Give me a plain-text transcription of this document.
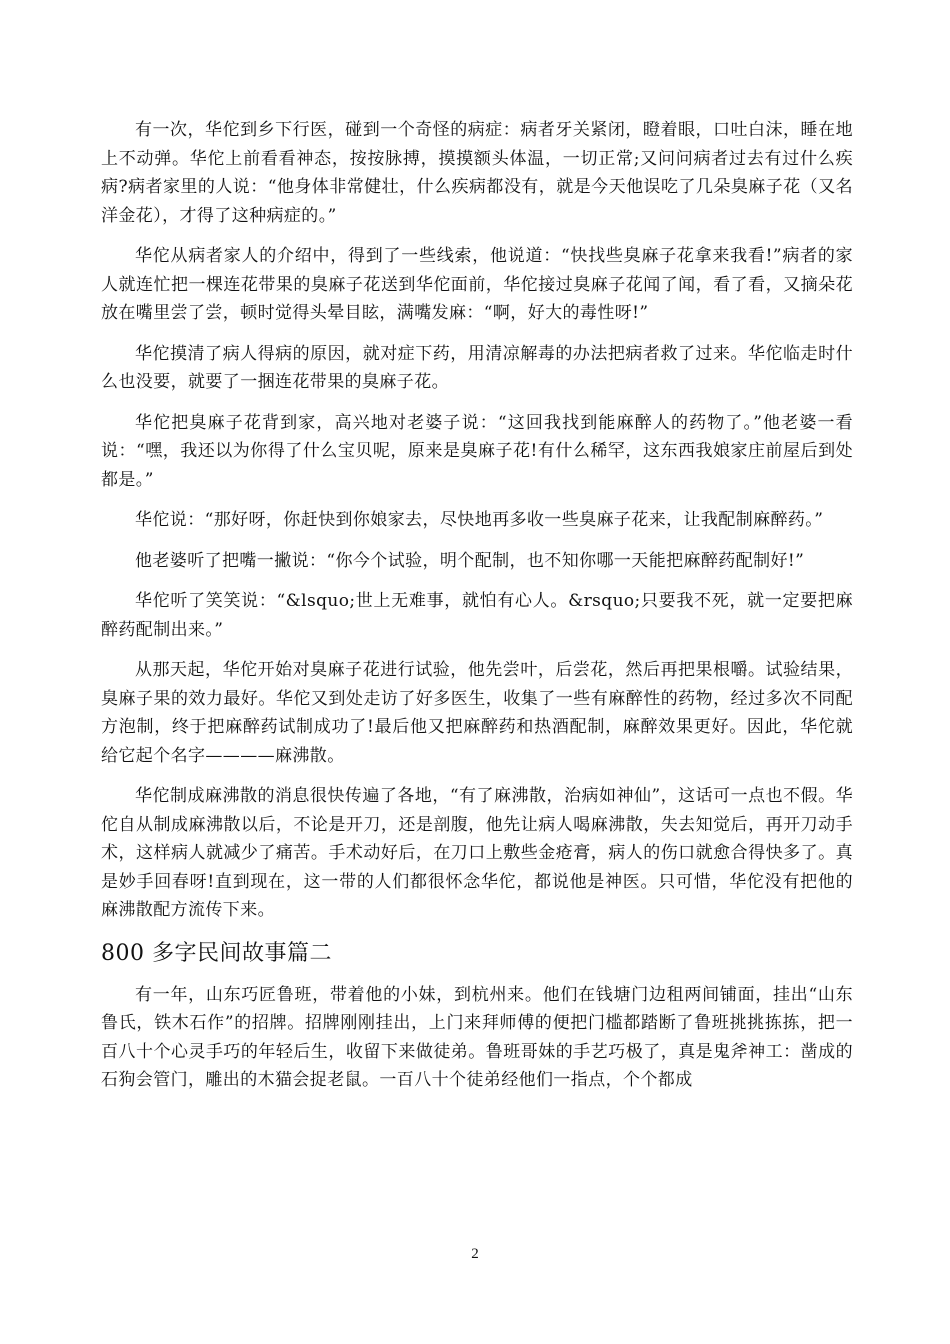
有一次，华佗到乡下行医，碰到一个奇怪的病症：病者牙关紧闭，瞪着眼，口吐白沫，睡在地上不动弹。华佗上前看看神态，按按脉搏，摸摸额头体温，一切正常;又问问病者过去有过什么疾病?病者家里的人说：“他身体非常健壮，什么疾病都没有，就是今天他误吃了几朵臭麻子花（又名洋金花），才得了这种病症的。”

华佗从病者家人的介绍中，得到了一些线索，他说道：“快找些臭麻子花拿来我看!”病者的家人就连忙把一棵连花带果的臭麻子花送到华佗面前，华佗接过臭麻子花闻了闻，看了看，又摘朵花放在嘴里尝了尝，顿时觉得头晕目眩，满嘴发麻：“啊，好大的毒性呀!”

华佗摸清了病人得病的原因，就对症下药，用清凉解毒的办法把病者救了过来。华佗临走时什么也没要，就要了一捆连花带果的臭麻子花。

华佗把臭麻子花背到家，高兴地对老婆子说：“这回我找到能麻醉人的药物了。”他老婆一看说：“嘿，我还以为你得了什么宝贝呢，原来是臭麻子花!有什么稀罕，这东西我娘家庄前屋后到处都是。”

华佗说：“那好呀，你赶快到你娘家去，尽快地再多收一些臭麻子花来，让我配制麻醉药。”

他老婆听了把嘴一撇说：“你今个试验，明个配制，也不知你哪一天能把麻醉药配制好!”

华佗听了笑笑说：“&lsquo;世上无难事，就怕有心人。&rsquo;只要我不死，就一定要把麻醉药配制出来。”

从那天起，华佗开始对臭麻子花进行试验，他先尝叶，后尝花，然后再把果根嚼。试验结果，臭麻子果的效力最好。华佗又到处走访了好多医生，收集了一些有麻醉性的药物，经过多次不同配方泡制，终于把麻醉药试制成功了!最后他又把麻醉药和热酒配制，麻醉效果更好。因此，华佗就给它起个名字————麻沸散。

华佗制成麻沸散的消息很快传遍了各地，“有了麻沸散，治病如神仙”，这话可一点也不假。华佗自从制成麻沸散以后，不论是开刀，还是剖腹，他先让病人喝麻沸散，失去知觉后，再开刀动手术，这样病人就减少了痛苦。手术动好后，在刀口上敷些金疮膏，病人的伤口就愈合得快多了。真是妙手回春呀!直到现在，这一带的人们都很怀念华佗，都说他是神医。只可惜，华佗没有把他的麻沸散配方流传下来。

800 多字民间故事篇二

有一年，山东巧匠鲁班，带着他的小妹，到杭州来。他们在钱塘门边租两间铺面，挂出“山东鲁氏，铁木石作”的招牌。招牌刚刚挂出，上门来拜师傅的便把门槛都踏断了鲁班挑挑拣拣，把一百八十个心灵手巧的年轻后生，收留下来做徒弟。鲁班哥妹的手艺巧极了，真是鬼斧神工：凿成的石狗会管门，雕出的木猫会捉老鼠。一百八十个徒弟经他们一指点，个个都成

2
